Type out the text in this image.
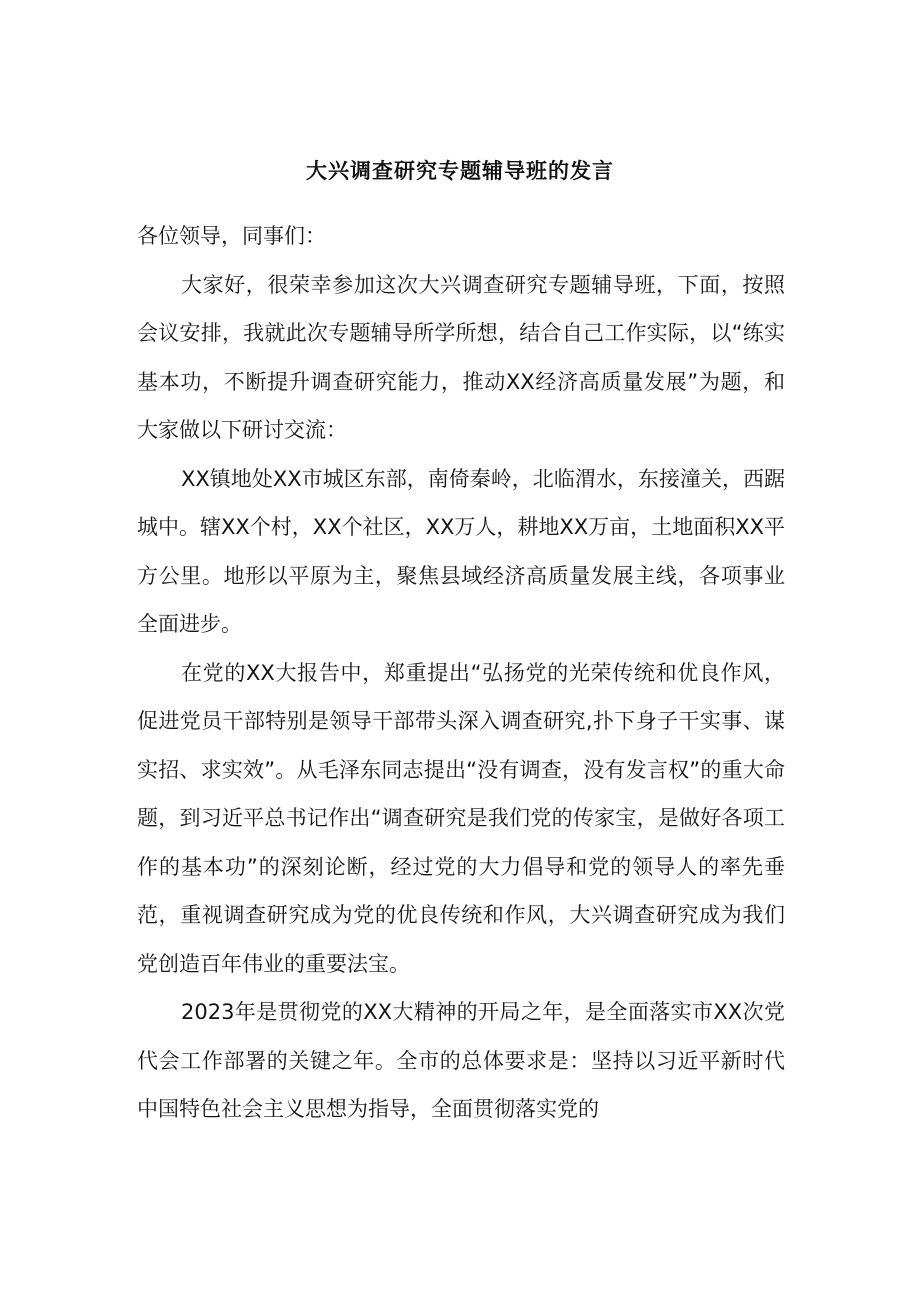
大兴调查研究专题辅导班的发言

各位领导，同事们：

大家好，很荣幸参加这次大兴调查研究专题辅导班，下面，按照会议安排，我就此次专题辅导所学所想，结合自己工作实际，以“练实基本功，不断提升调查研究能力，推动XX经济高质量发展”为题，和大家做以下研讨交流：

XX镇地处XX市城区东部，南倚秦岭，北临渭水，东接潼关，西踞城中。辖XX个村，XX个社区，XX万人，耕地XX万亩，土地面积XX平方公里。地形以平原为主，聚焦县域经济高质量发展主线，各项事业全面进步。

在党的XX大报告中，郑重提出“弘扬党的光荣传统和优良作风，促进党员干部特别是领导干部带头深入调查研究,扑下身子干实事、谋实招、求实效”。从毛泽东同志提出“没有调查，没有发言权”的重大命题，到习近平总书记作出“调查研究是我们党的传家宝，是做好各项工作的基本功”的深刻论断，经过党的大力倡导和党的领导人的率先垂范，重视调查研究成为党的优良传统和作风，大兴调查研究成为我们党创造百年伟业的重要法宝。

2023年是贯彻党的XX大精神的开局之年，是全面落实市XX次党代会工作部署的关键之年。全市的总体要求是：坚持以习近平新时代中国特色社会主义思想为指导，全面贯彻落实党的
